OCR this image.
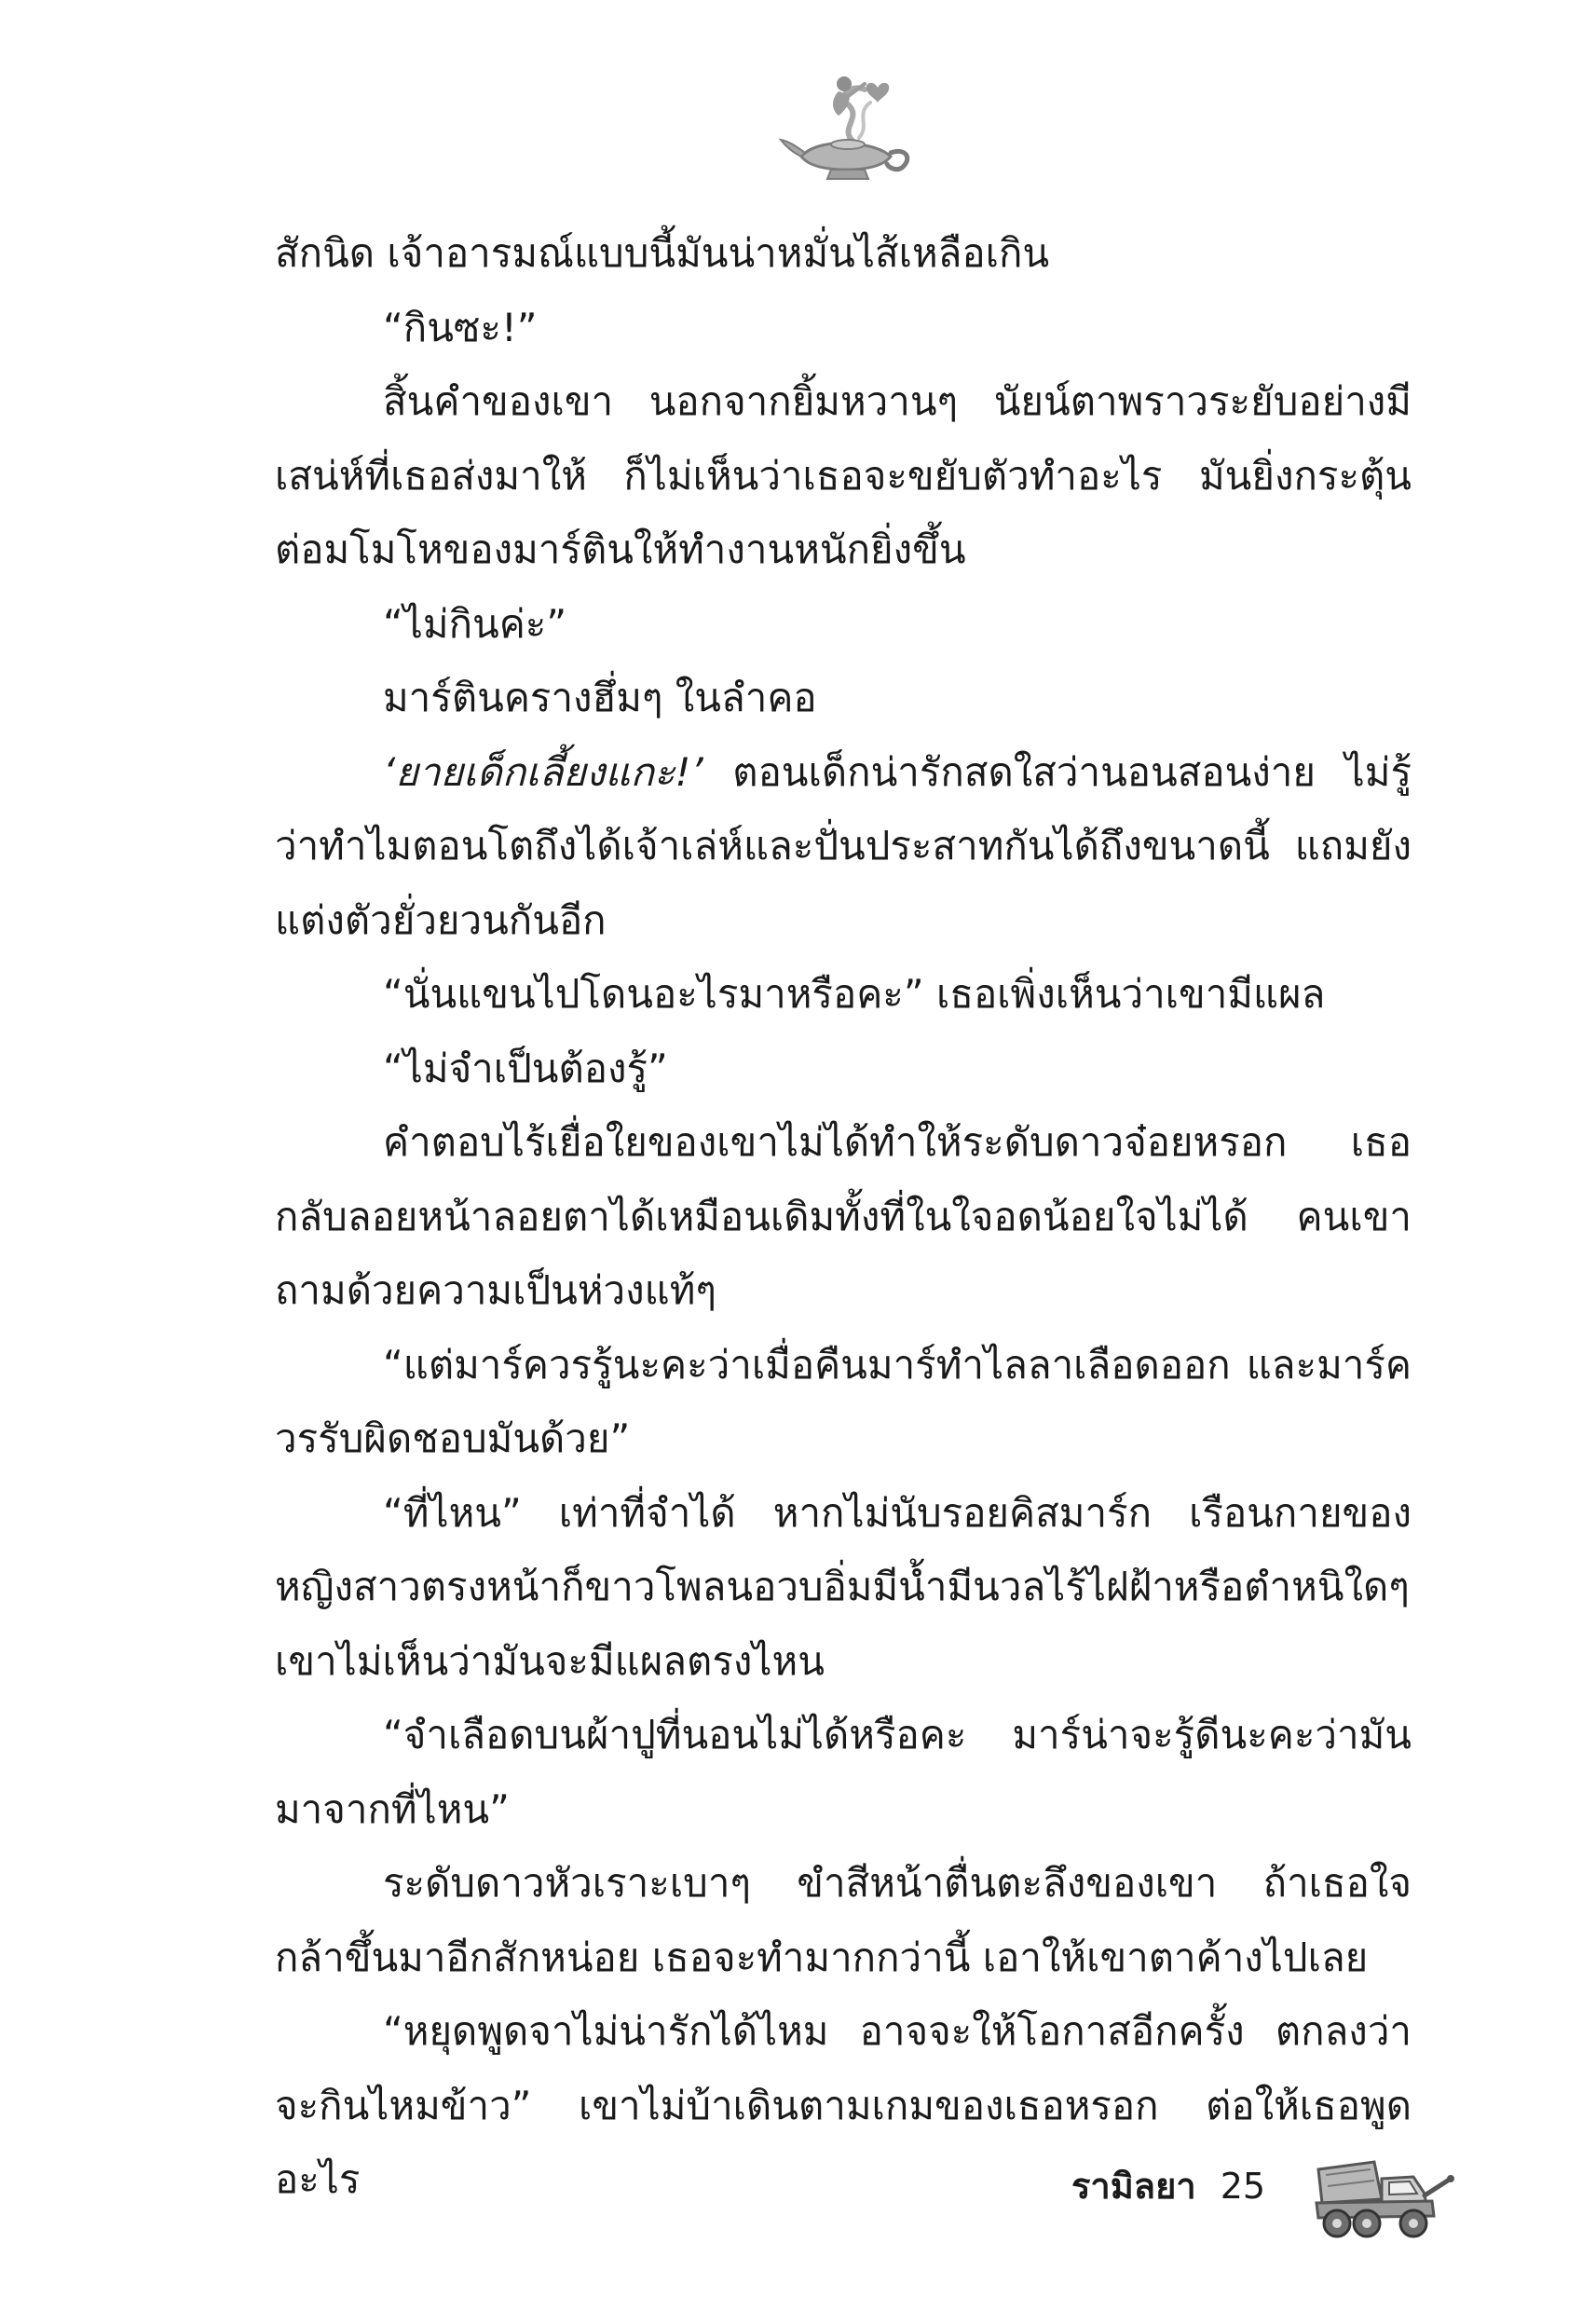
สักนิด เจ้าอารมณ์แบบนี้มันน่าหมั่นไส้เหลือเกิน

“กินซะ!”

สิ้นคำของเขา นอกจากยิ้มหวานๆ นัยน์ตาพราวระยับอย่างมีเสน่ห์ที่เธอส่งมาให้ ก็ไม่เห็นว่าเธอจะขยับตัวทำอะไร มันยิ่งกระตุ้นต่อมโมโหของมาร์ตินให้ทำงานหนักยิ่งขึ้น

“ไม่กินค่ะ”

มาร์ตินครางฮึ่มๆ ในลำคอ

‘ยายเด็กเลี้ยงแกะ!’ ตอนเด็กน่ารักสดใสว่านอนสอนง่าย ไม่รู้ว่าทำไมตอนโตถึงได้เจ้าเล่ห์และปั่นประสาทกันได้ถึงขนาดนี้ แถมยังแต่งตัวยั่วยวนกันอีก

“นั่นแขนไปโดนอะไรมาหรือคะ” เธอเพิ่งเห็นว่าเขามีแผล

“ไม่จำเป็นต้องรู้”

คำตอบไร้เยื่อใยของเขาไม่ได้ทำให้ระดับดาวจ๋อยหรอก เธอกลับลอยหน้าลอยตาได้เหมือนเดิมทั้งที่ในใจอดน้อยใจไม่ได้ คนเขาถามด้วยความเป็นห่วงแท้ๆ

“แต่มาร์ควรรู้นะคะว่าเมื่อคืนมาร์ทำไลลาเลือดออก และมาร์ควรรับผิดชอบมันด้วย”

“ที่ไหน” เท่าที่จำได้ หากไม่นับรอยคิสมาร์ก เรือนกายของหญิงสาวตรงหน้าก็ขาวโพลนอวบอิ่มมีน้ำมีนวลไร้ไฝฝ้าหรือตำหนิใดๆ เขาไม่เห็นว่ามันจะมีแผลตรงไหน

“จำเลือดบนผ้าปูที่นอนไม่ได้หรือคะ มาร์น่าจะรู้ดีนะคะว่ามันมาจากที่ไหน”

ระดับดาวหัวเราะเบาๆ ขำสีหน้าตื่นตะลึงของเขา ถ้าเธอใจกล้าขึ้นมาอีกสักหน่อย เธอจะทำมากกว่านี้ เอาให้เขาตาค้างไปเลย

“หยุดพูดจาไม่น่ารักได้ไหม อาจจะให้โอกาสอีกครั้ง ตกลงว่าจะกินไหมข้าว” เขาไม่บ้าเดินตามเกมของเธอหรอก ต่อให้เธอพูดอะไร	รามิลยา 25
